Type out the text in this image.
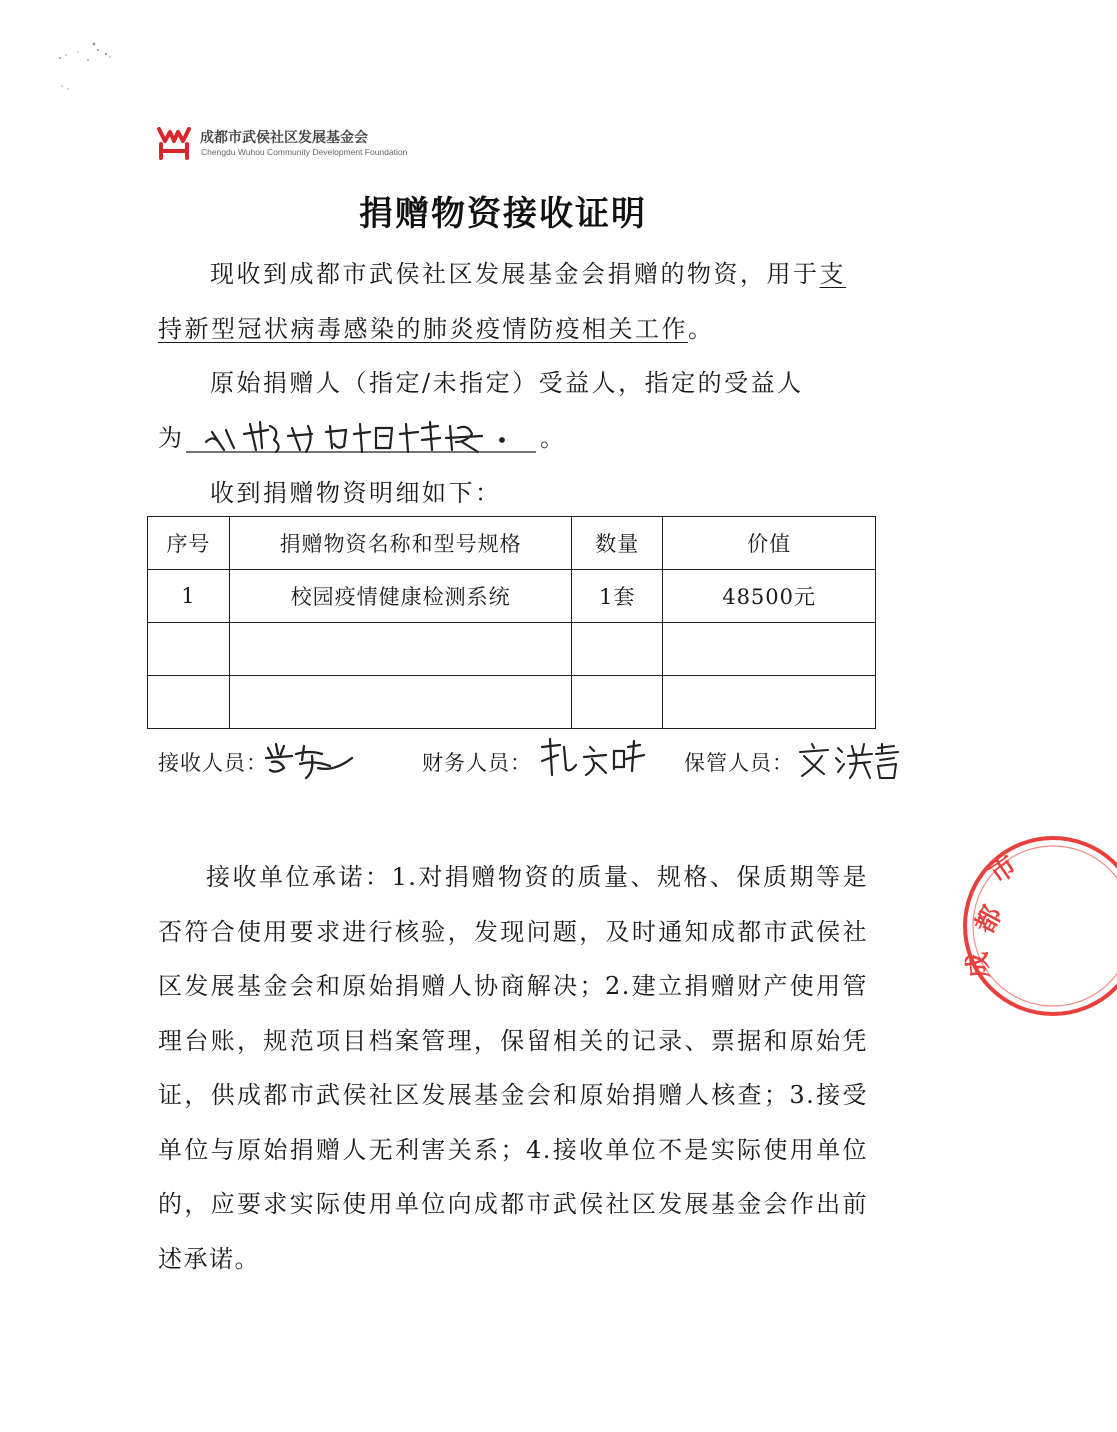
成都市武侯社区发展基金会
Chengdu Wuhou Community Development Foundation
捐赠物资接收证明
现收到成都市武侯社区发展基金会捐赠的物资，用于支
持新型冠状病毒感染的肺炎疫情防疫相关工作。
原始捐赠人（指定/未指定）受益人，指定的受益人
为	。
收到捐赠物资明细如下：
序号	捐赠物资名称和型号规格	数量	价值
1	校园疫情健康检测系统	1套	48500元

接收人员：	财务人员：	保管人员：
接收单位承诺：1.对捐赠物资的质量、规格、保质期等是否符合使用要求进行核验，发现问题，及时通知成都市武侯社区发展基金会和原始捐赠人协商解决；2.建立捐赠财产使用管理台账，规范项目档案管理，保留相关的记录、票据和原始凭证，供成都市武侯社区发展基金会和原始捐赠人核查；3.接受单位与原始捐赠人无利害关系；4.接收单位不是实际使用单位的，应要求实际使用单位向成都市武侯社区发展基金会作出前述承诺。
都
市
成
